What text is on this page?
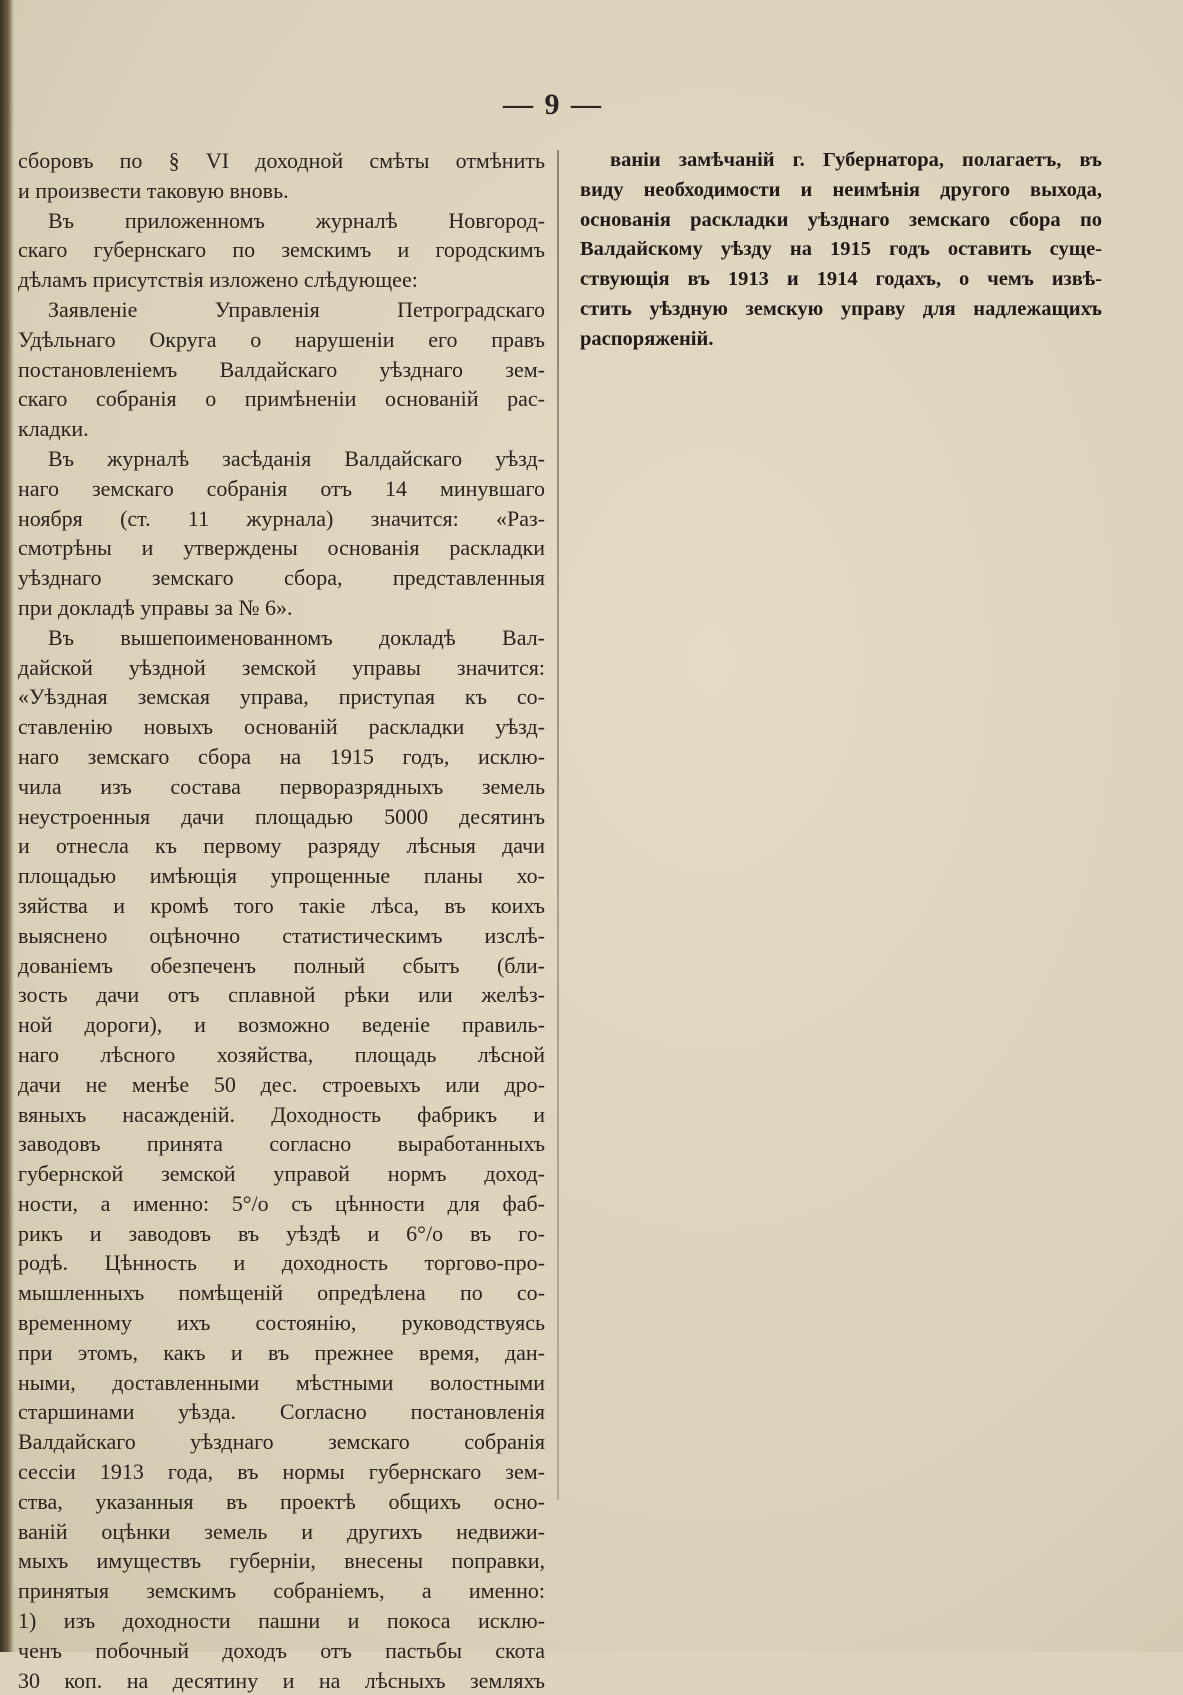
— 9 —
сборовъ по § VI доходной смѣты отмѣнить
и произвести таковую вновь.
Въ приложенномъ журналѣ Новгород-
скаго губернскаго по земскимъ и городскимъ
дѣламъ присутствія изложено слѣдующее:
Заявленіе Управленія Петроградскаго
Удѣльнаго Округа о нарушеніи его правъ
постановленіемъ Валдайскаго уѣзднаго зем-
скаго собранія о примѣненіи основаній рас-
кладки.
Въ журналѣ засѣданія Валдайскаго уѣзд-
наго земскаго собранія отъ 14 минувшаго
ноября (ст. 11 журнала) значится: «Раз-
смотрѣны и утверждены основанія раскладки
уѣзднаго земскаго сбора, представленныя
при докладѣ управы за № 6».
Въ вышепоименованномъ докладѣ Вал-
дайской уѣздной земской управы значится:
«Уѣздная земская управа, приступая къ со-
ставленію новыхъ основаній раскладки уѣзд-
наго земскаго сбора на 1915 годъ, исклю-
чила изъ состава перворазрядныхъ земель
неустроенныя дачи площадью 5000 десятинъ
и отнесла къ первому разряду лѣсныя дачи
площадью имѣющія упрощенные планы хо-
зяйства и кромѣ того такіе лѣса, въ коихъ
выяснено оцѣночно статистическимъ изслѣ-
дованіемъ обезпеченъ полный сбытъ (бли-
зость дачи отъ сплавной рѣки или желѣз-
ной дороги), и возможно веденіе правиль-
наго лѣсного хозяйства, площадь лѣсной
дачи не менѣе 50 дес. строевыхъ или дро-
вяныхъ насажденій. Доходность фабрикъ и
заводовъ принята согласно выработанныхъ
губернской земской управой нормъ доход-
ности, а именно: 5°/о съ цѣнности для фаб-
рикъ и заводовъ въ уѣздѣ и 6°/о въ го-
родѣ. Цѣнность и доходность торгово-про-
мышленныхъ помѣщеній опредѣлена по со-
временному ихъ состоянію, руководствуясь
при этомъ, какъ и въ прежнее время, дан-
ными, доставленными мѣстными волостными
старшинами уѣзда. Согласно постановленія
Валдайскаго уѣзднаго земскаго собранія
сессіи 1913 года, въ нормы губернскаго зем-
ства, указанныя въ проектѣ общихъ осно-
ваній оцѣнки земель и другихъ недвижи-
мыхъ имуществъ губерніи, внесены поправки,
принятыя земскимъ собраніемъ, а именно:
1) изъ доходности пашни и покоса исклю-
ченъ побочный доходъ отъ пастьбы скота
30 коп. на десятину и на лѣсныхъ земляхъ
ваніи замѣчаній г. Губернатора, полагаетъ, въ
виду необходимости и неимѣнія другого выхода,
основанія раскладки уѣзднаго земскаго сбора по
Валдайскому уѣзду на 1915 годъ оставить суще-
ствующія въ 1913 и 1914 годахъ, о чемъ извѣ-
стить уѣздную земскую управу для надлежащихъ
распоряженій.
